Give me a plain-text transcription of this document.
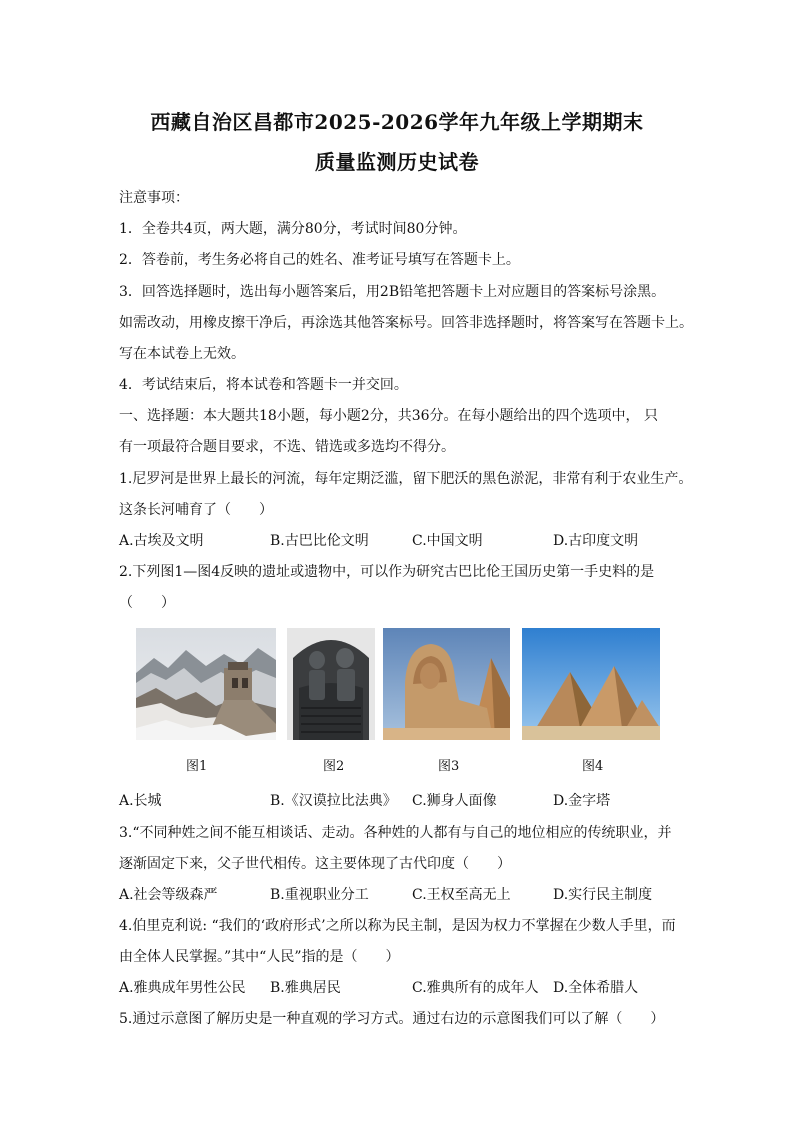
西藏自治区昌都市2025-2026学年九年级上学期期末
质量监测历史试卷
注意事项：
1．全卷共4页，两大题，满分80分，考试时间80分钟。
2．答卷前，考生务必将自己的姓名、准考证号填写在答题卡上。
3．回答选择题时，选出每小题答案后，用2B铅笔把答题卡上对应题目的答案标号涂黑。
如需改动，用橡皮擦干净后，再涂选其他答案标号。回答非选择题时，将答案写在答题卡上。
写在本试卷上无效。
4．考试结束后，将本试卷和答题卡一并交回。
一、选择题：本大题共18小题，每小题2分，共36分。在每小题给出的四个选项中， 只
有一项最符合题目要求，不选、错选或多选均不得分。
1.尼罗河是世界上最长的河流，每年定期泛滥，留下肥沃的黑色淤泥，非常有利于农业生产。
这条长河哺育了（　　）
A.古埃及文明	B.古巴比伦文明	C.中国文明	D.古印度文明
2.下列图1—图4反映的遗址或遗物中，可以作为研究古巴比伦王国历史第一手史料的是
（　　）
图1	图2	图3	图4
A.长城	B.《汉谟拉比法典》 C.狮身人面像	D.金字塔
3.“不同种姓之间不能互相谈话、走动。各种姓的人都有与自己的地位相应的传统职业，并
逐渐固定下来，父子世代相传。这主要体现了古代印度（　　）
A.社会等级森严	B.重视职业分工	C.王权至高无上	D.实行民主制度
4.伯里克利说: “我们的‘政府形式’之所以称为民主制，是因为权力不掌握在少数人手里，而
由全体人民掌握。”其中“人民”指的是（　　）
A.雅典成年男性公民 B.雅典居民	C.雅典所有的成年人 D.全体希腊人
5.通过示意图了解历史是一种直观的学习方式。通过右边的示意图我们可以了解（　　）
